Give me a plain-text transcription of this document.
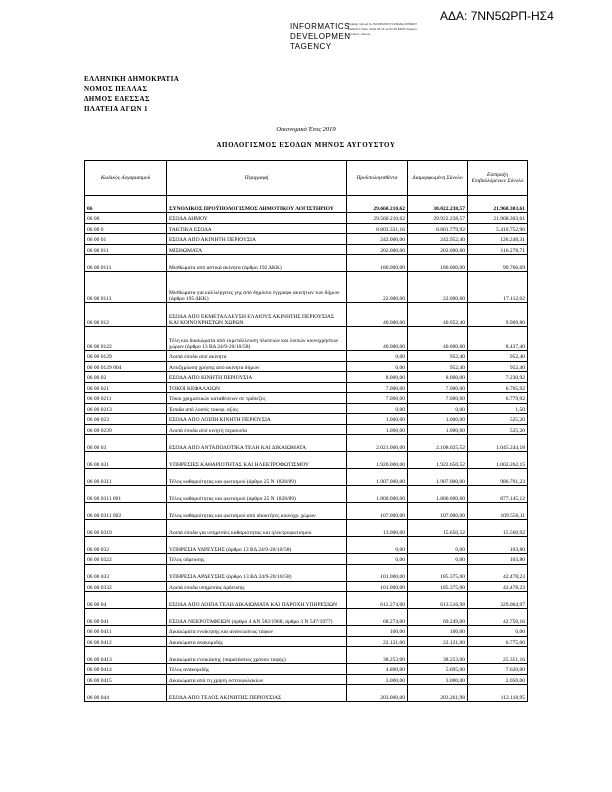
ΑΔΑ: 7ΝΝ5ΩΡΠ-ΗΣ4
INFORMATICS
DEVELOPMEN
TAGENCY
Digitally signed by INFORMATICS DEVELOPMENT AGENCY Date: 2019.09.16 12:31:28 EEST Reason: Location: Athens
ΕΛΛΗΝΙΚΗ ΔΗΜΟΚΡΑΤΙΑ
ΝΟΜΟΣ ΠΕΛΛΑΣ
ΔΗΜΟΣ ΕΔΕΣΣΑΣ
ΠΛΑΤΕΙΑ ΑΓΩΝ 1
Οικονομικό Έτος 2019
ΑΠΟΛΟΓΙΣΜΟΣ ΕΣΟΔΩΝ ΜΗΝΟΣ ΑΥΓΟΥΣΤΟΥ
Κωδικός Λογαριασμού	Περιγραφή	Προϋπολογισθέντα	Διαμορφωμένη Σύνολο	Είσπραξη Επιβαλλόμενων Σύνολο
06	ΣΥΝΟΛΙΚΟΣ ΠΡΟΫΠΟΛΟΓΙΣΜΟΣ ΔΗΜΟΤΙΚΟΥ ΛΟΓΙΣΤΗΡΙΟΥ	29.660.210,62	30.022.238,57	21.968.303,61
06 00	ΕΣΟΔΑ ΔΗΜΟΥ	29.560.210,62	29.922.238,57	21.968.303,61
06 00 0	ΤΑΚΤΙΚΑ ΕΣΟΔΑ	8.803.331,16	8.801.779,92	5.410.752,96
06 00 01	ΕΣΟΔΑ ΑΠΟ ΑΚΙΝΗΤΗ ΠΕΡΙΟΥΣΙΑ	242.000,00	242.952,40	126.248,31
06 00 011	ΜΙΣΘΩΜΑΤΑ	202.000,00	202.000,00	116.278,71
06 00 0111	Μισθώματα από αστικά ακίνητα (άρθρο 192 ΔΚΚ)	180.000,00	180.000,00	99.766,69
06 00 0113	Μισθώματα για καλλιέργειες γης από δημόσιο έγγραφο ακινήτων των δήμων (άρθρο 195 ΔΚΚ)	22.000,00	22.000,00	17.112,02
06 00 012	ΕΣΟΔΑ ΑΠΟ ΕΚΜΕΤΑΛΛΕΥΣΗ ΕΛΑΙΟΥΣ ΑΚΙΝΗΤΗΣ ΠΕΡΙΟΥΣΙΑΣ ΚΑΙ ΚΟΙΝΟΧΡΗΣΤΩΝ ΧΩΡΩΝ	40.000,00	40.952,40	9.969,80
06 00 0122	Τέλη και δικαιώματα από εκμετάλλευση πλατειών και λοιπών κοινοχρήστων χώρων (άρθρο 13 ΒΔ 24/9-20/10/58)	40.000,00	40.000,00	8.437,40
06 00 0129	Λοιπά έσοδα από ακίνητα	0,00	952,40	952,40
06 00 0129 004	Αποζημίωση χρήσης από ακίνητα δήμων	0,00	952,40	952,40
06 00 02	ΕΣΟΔΑ ΑΠΟ ΚΙΝΗΤΗ ΠΕΡΙΟΥΣΙΑ	8.000,00	8.000,00	7.230,92
06 00 021	ΤΟΚΟΙ ΚΕΦΑΛΑΙΩΝ	7.000,00	7.000,00	6.705,92
06 00 0211	Τόκοι χρηματικών καταθέσεων σε τράπεζες	7.000,00	7.000,00	6.779,92
06 00 0213	Έσοδα από λοιπές τοκοφ. αξίες	0,00	0,00	1,50
06 00 023	ΕΣΟΔΑ ΑΠΟ ΛΟΙΠΗ ΚΙΝΗΤΗ ΠΕΡΙΟΥΣΙΑ	1.000,00	1.000,00	525,20
06 00 0239	Λοιπά έσοδα από κινητή περιουσία	1.000,00	1.000,00	525,20
06 00 03	ΕΣΟΔΑ ΑΠΟ ΑΝΤΑΠΟΔΟΤΙΚΑ ΤΕΛΗ ΚΑΙ ΔΙΚΑΙΩΜΑΤΑ	2.021.000,00	2.108.025,52	1.045.244,18
06 00 031	ΥΠΗΡΕΣΙΕΣ ΚΑΘΑΡΙΟΤΗΤΑΣ ΚΑΙ ΗΛΕΚΤΡΟΦΩΤΙΣΜΟΥ	1.920.000,00	1.922.650,52	1.002.262,15
06 00 0311	Τέλος καθαριότητας και φωτισμού (άρθρο 25 Ν 1828/89)	1.907.000,00	1.907.000,00	986.701,23
06 00 0311 001	Τέλος καθαριότητας και φωτισμού (άρθρο 25 Ν 1828/89)	1.800.000,00	1.800.000,00	877.145,12
06 00 0311 002	Τέλος καθαριότητας και φωτισμού από ιδιοκτήτες κοινόχρ. χώρων	107.000,00	107.000,00	109.556,11
06 00 0319	Λοιπά έσοδα για υπηρεσίες καθαριότητας και ηλεκτροφωτισμού	13.000,00	15.650,52	15.560,92
06 00 032	ΥΠΗΡΕΣΙΑ ΥΔΡΕΥΣΗΣ (άρθρο 13 ΒΔ 24/9-20/10/58)	0,00	0,00	103,80
06 00 0322	Τέλος ύδρευσης	0,00	0,00	103,80
06 00 033	ΥΠΗΡΕΣΙΑ ΑΡΔΕΥΣΗΣ (άρθρο 13 ΒΔ 24/9-20/10/58)	101.000,00	185.375,00	42.478,23
06 00 0332	Λοιπά έσοδα υπηρεσίας άρδευσης	101.000,00	185.375,00	42.478,23
06 00 04	ΕΣΟΔΑ ΑΠΟ ΛΟΙΠΑ ΤΕΛΗ ΔΙΚΑΙΩΜΑΤΑ ΚΑΙ ΠΑΡΟΧΗ ΥΠΗΡΕΣΙΩΝ	612.274,00	613.516,98	329.064,97
06 00 041	ΕΣΟΔΑ ΝΕΚΡΟΤΑΦΕΙΩΝ (άρθρο 4 ΑΝ 582/1968, άρθρο 3 Ν 547/1977)	68.274,00	69.249,00	42.750,16
06 00 0411	Δικαιώματα ενοίκησης και ανανεώσεως τάφων	100,00	100,00	0,00
06 00 0412	Δικαιώματα ανακομιδής	22.121,00	22.121,00	6.775,00
06 00 0413	Δικαιώματα ενοικίασης (παρατάσεως χρόνου ταφής)	38.253,00	38.253,00	25.351,16
06 00 0414	Τέλος ανακομιδής	4.800,00	5.695,00	7.620,00
06 00 0415	Δικαιώματα από τη χρήση οστεοφυλακίων	3.000,00	3.000,00	2.050,00
06 00 044	ΕΣΟΔΑ ΑΠΟ ΤΕΛΟΣ ΑΚΙΝΗΤΗΣ ΠΕΡΙΟΥΣΙΑΣ	203.000,00	203.261,98	112.118,95
